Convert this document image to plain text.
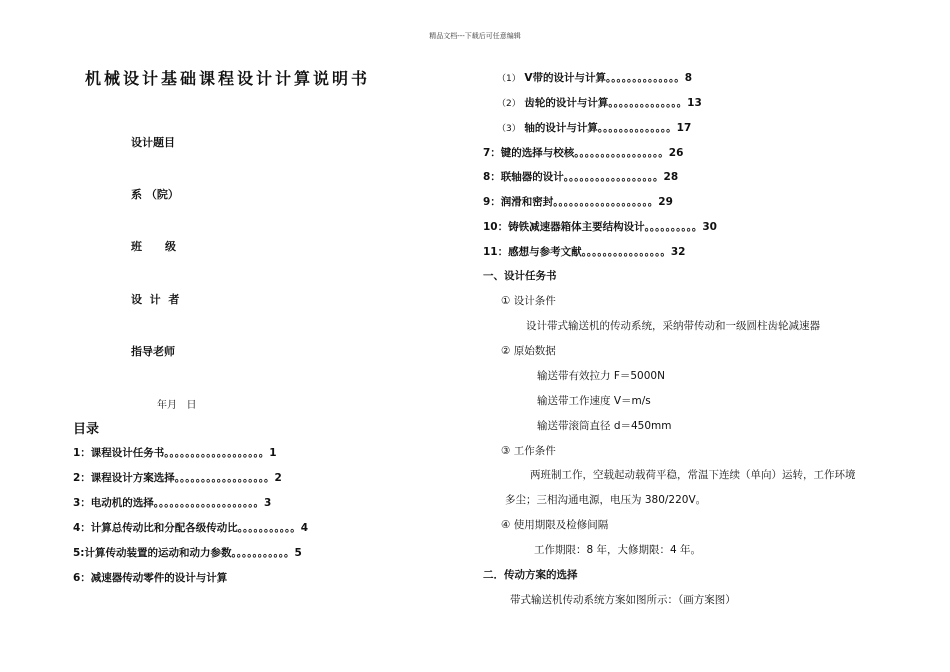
精品文档---下载后可任意编辑
机械设计基础课程设计计算说明书
设计题目
系 （院）
班      级
设  计  者
指导老师
年月   日
目录
1：课程设计任务书。。。。。。。。。。。。。。。。。。。1
2：课程设计方案选择。。。。。。。。。。。。。。。。。。2
3：电动机的选择。。。。。。。。。。。。。。。。。。。。3
4：计算总传动比和分配各级传动比。。。。。。。。。。。4
5:计算传动装置的运动和动力参数。。。。。。。。。。。5
6：减速器传动零件的设计与计算
（1） V带的设计与计算。。。。。。。。。。。。。。8
（2） 齿轮的设计与计算。。。。。。。。。。。。。。13
（3） 轴的设计与计算。。。。。。。。。。。。。。17
7：键的选择与校核。。。。。。。。。。。。。。。。。26
8：联轴器的设计。。。。。。。。。。。。。。。。。。28
9：润滑和密封。。。。。。。。。。。。。。。。。。。29
10：铸铁减速器箱体主要结构设计。。。。。。。。。。30
11：感想与参考文献。。。。。。。。。。。。。。。。32
一、设计任务书
① 设计条件
设计带式输送机的传动系统，采纳带传动和一级圆柱齿轮减速器
② 原始数据
输送带有效拉力 F＝5000N
输送带工作速度 V＝m/s
输送带滚筒直径 d＝450mm
③ 工作条件
两班制工作，空载起动载荷平稳，常温下连续（单向）运转，工作环境
多尘；三相沟通电源，电压为 380/220V。
④ 使用期限及检修间隔
工作期限：8 年，大修期限：4 年。
二．传动方案的选择
带式输送机传动系统方案如图所示：（画方案图）
